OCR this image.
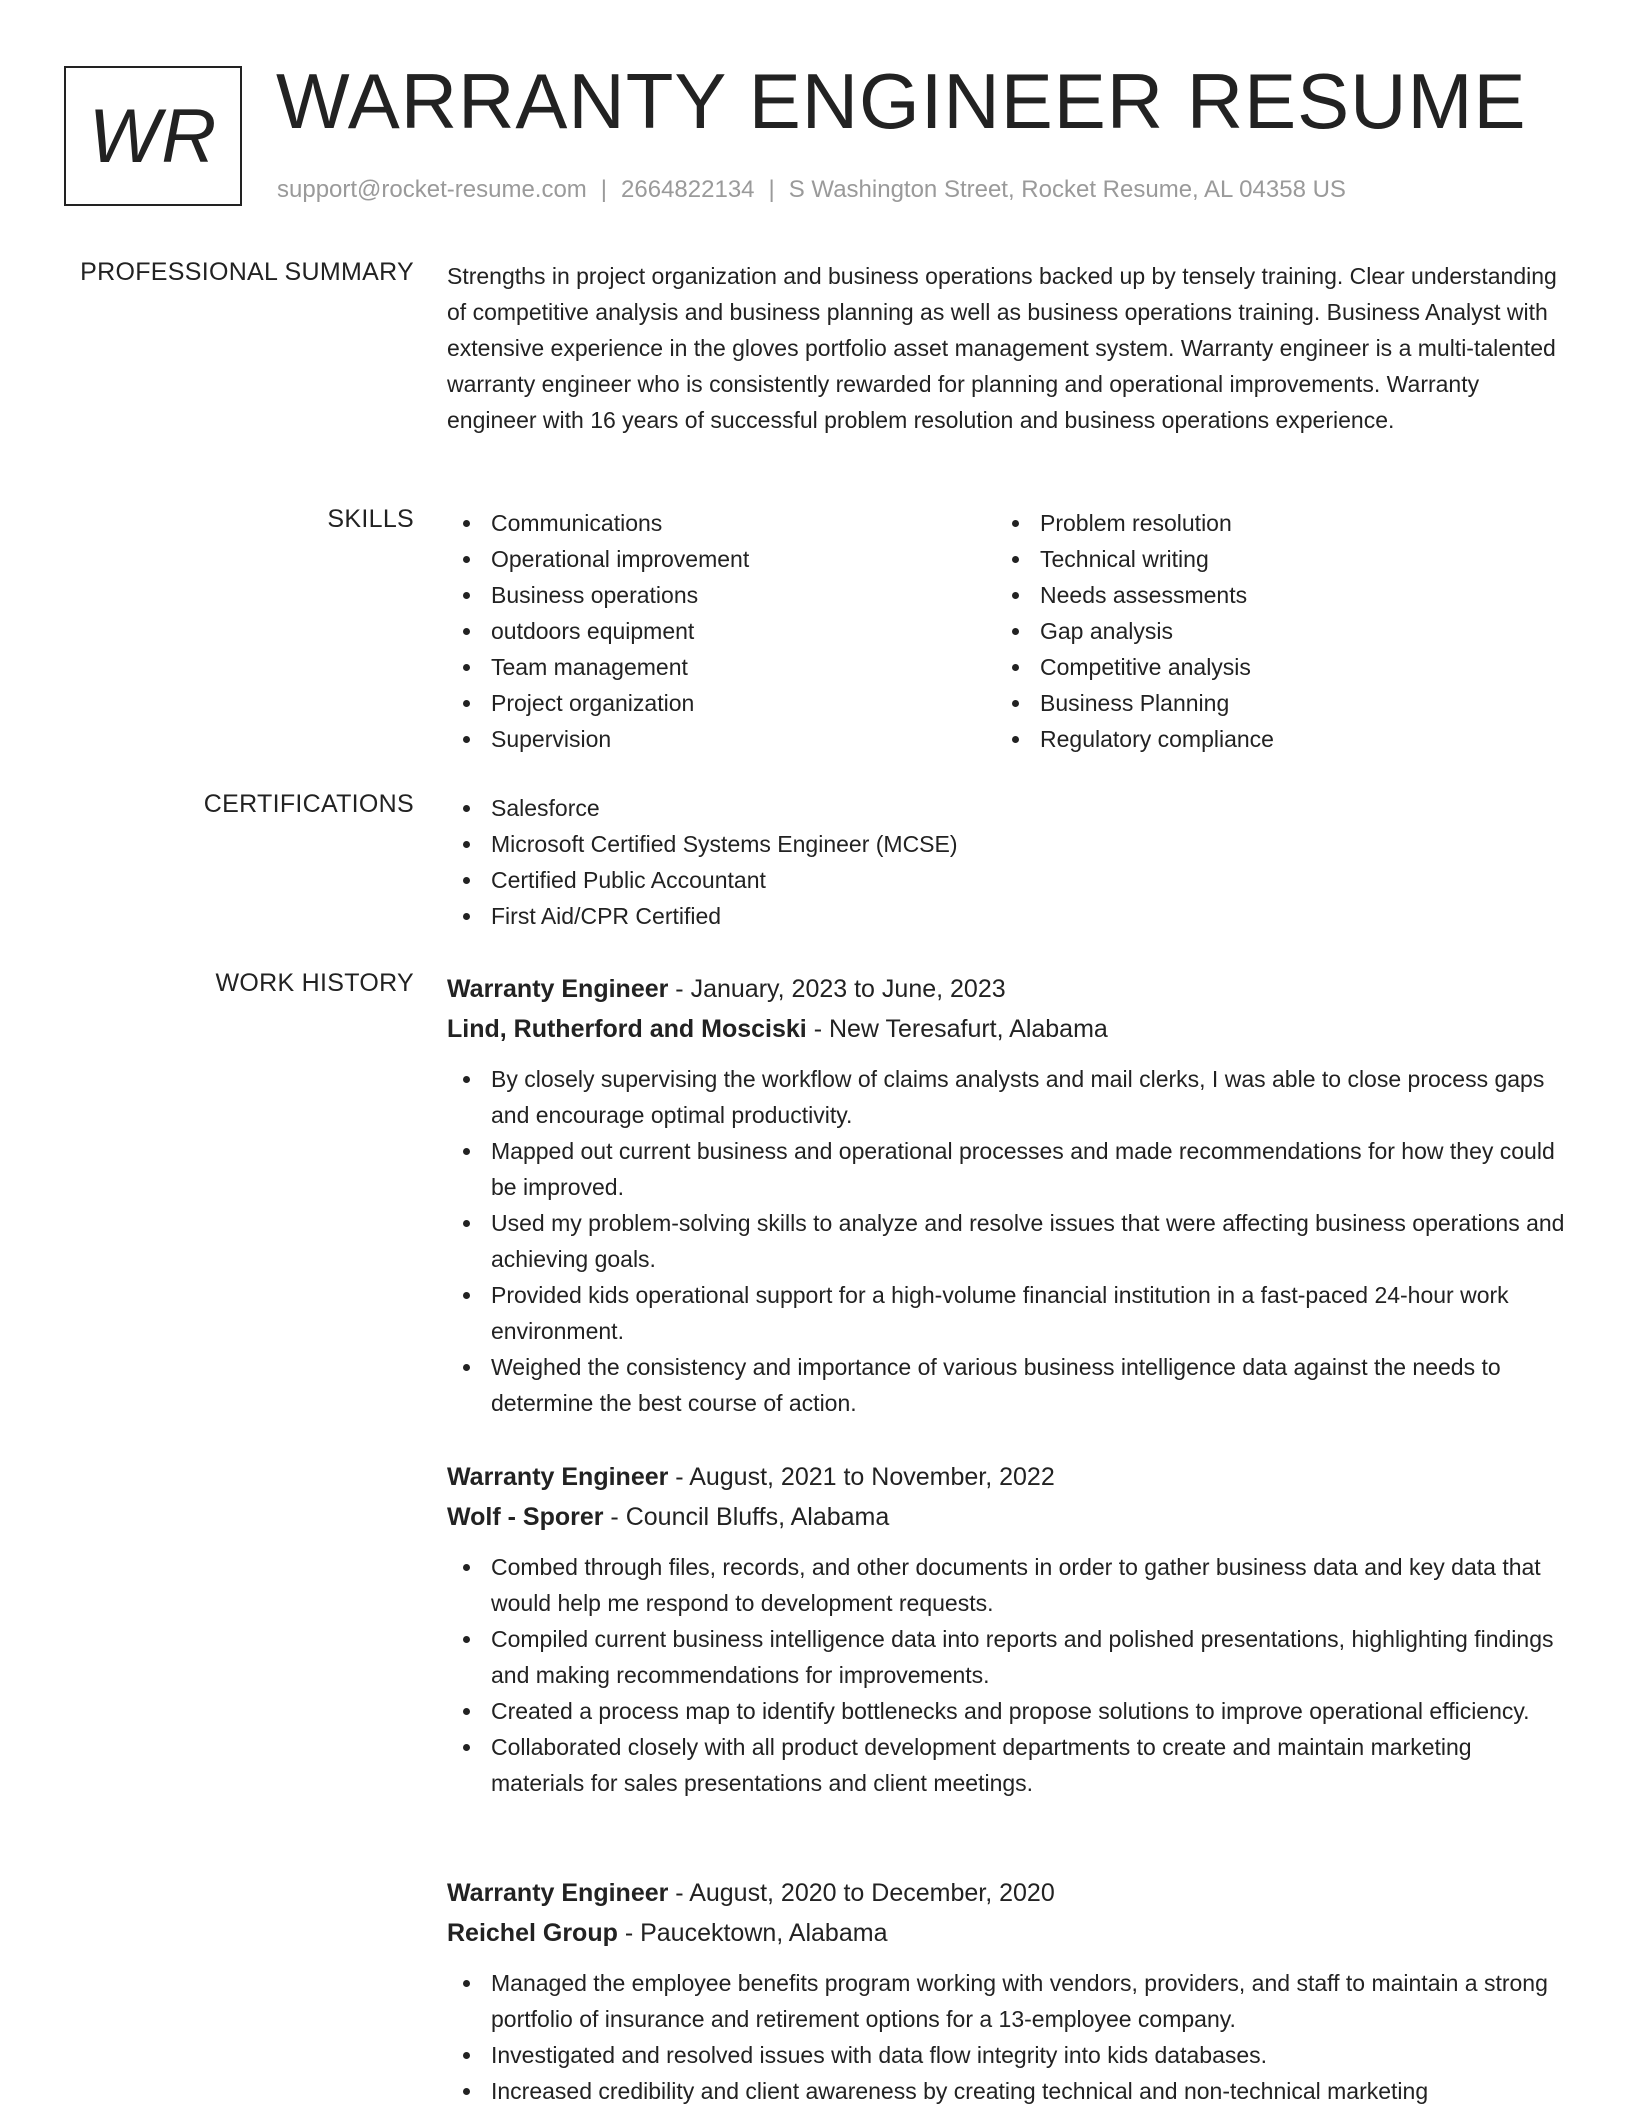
WR WARRANTY ENGINEER RESUME
support@rocket-resume.com | 2664822134 | S Washington Street, Rocket Resume, AL 04358 US
PROFESSIONAL SUMMARY Strengths in project organization and business operations backed up by tensely training. Clear understanding of competitive analysis and business planning as well as business operations training. Business Analyst with extensive experience in the gloves portfolio asset management system. Warranty engineer is a multi-talented warranty engineer who is consistently rewarded for planning and operational improvements. Warranty engineer with 16 years of successful problem resolution and business operations experience.

SKILLS	Communications
Operational improvement
Business operations
outdoors equipment
Team management
Project organization
Supervision
Problem resolution
Technical writing
Needs assessments
Gap analysis
Competitive analysis
Business Planning
Regulatory compliance
CERTIFICATIONS	Salesforce
Microsoft Certified Systems Engineer (MCSE)
Certified Public Accountant
First Aid/CPR Certified
WORK HISTORY Warranty Engineer - January, 2023 to June, 2023
Lind, Rutherford and Mosciski - New Teresafurt, Alabama
By closely supervising the workflow of claims analysts and mail clerks, I was able to close process gaps and encourage optimal productivity.
Mapped out current business and operational processes and made recommendations for how they could be improved.
Used my problem-solving skills to analyze and resolve issues that were affecting business operations and achieving goals.
Provided kids operational support for a high-volume financial institution in a fast-paced 24-hour work environment.
Weighed the consistency and importance of various business intelligence data against the needs to determine the best course of action.
Warranty Engineer - August, 2021 to November, 2022
Wolf - Sporer - Council Bluffs, Alabama
Combed through files, records, and other documents in order to gather business data and key data that would help me respond to development requests.
Compiled current business intelligence data into reports and polished presentations, highlighting findings and making recommendations for improvements.
Created a process map to identify bottlenecks and propose solutions to improve operational efficiency.
Collaborated closely with all product development departments to create and maintain marketing materials for sales presentations and client meetings.
Warranty Engineer - August, 2020 to December, 2020
Reichel Group - Paucektown, Alabama
Managed the employee benefits program working with vendors, providers, and staff to maintain a strong portfolio of insurance and retirement options for a 13-employee company.
Investigated and resolved issues with data flow integrity into kids databases.
Increased credibility and client awareness by creating technical and non-technical marketing
